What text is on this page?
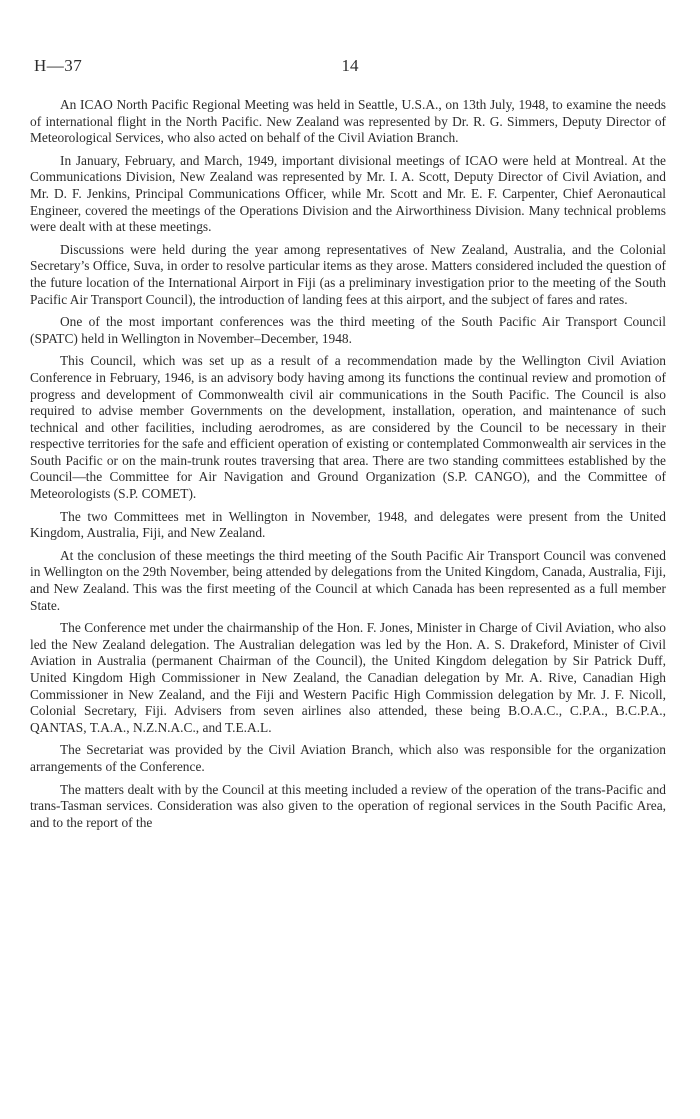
H—37	14

An ICAO North Pacific Regional Meeting was held in Seattle, U.S.A., on 13th July, 1948, to examine the needs of international flight in the North Pacific. New Zealand was represented by Dr. R. G. Simmers, Deputy Director of Meteorological Services, who also acted on behalf of the Civil Aviation Branch.

In January, February, and March, 1949, important divisional meetings of ICAO were held at Montreal. At the Communications Division, New Zealand was represented by Mr. I. A. Scott, Deputy Director of Civil Aviation, and Mr. D. F. Jenkins, Principal Communications Officer, while Mr. Scott and Mr. E. F. Carpenter, Chief Aeronautical Engineer, covered the meetings of the Operations Division and the Airworthiness Division. Many technical problems were dealt with at these meetings.

Discussions were held during the year among representatives of New Zealand, Australia, and the Colonial Secretary’s Office, Suva, in order to resolve particular items as they arose. Matters considered included the question of the future location of the International Airport in Fiji (as a preliminary investigation prior to the meeting of the South Pacific Air Transport Council), the introduction of landing fees at this airport, and the subject of fares and rates.

One of the most important conferences was the third meeting of the South Pacific Air Transport Council (SPATC) held in Wellington in November–December, 1948.

This Council, which was set up as a result of a recommendation made by the Wellington Civil Aviation Conference in February, 1946, is an advisory body having among its functions the continual review and promotion of progress and development of Commonwealth civil air communications in the South Pacific. The Council is also required to advise member Governments on the development, installation, operation, and maintenance of such technical and other facilities, including aerodromes, as are considered by the Council to be necessary in their respective territories for the safe and efficient operation of existing or contemplated Commonwealth air services in the South Pacific or on the main-trunk routes traversing that area. There are two standing committees established by the Council—the Committee for Air Navigation and Ground Organization (S.P. CANGO), and the Committee of Meteorologists (S.P. COMET).

The two Committees met in Wellington in November, 1948, and delegates were present from the United Kingdom, Australia, Fiji, and New Zealand.

At the conclusion of these meetings the third meeting of the South Pacific Air Transport Council was convened in Wellington on the 29th November, being attended by delegations from the United Kingdom, Canada, Australia, Fiji, and New Zealand. This was the first meeting of the Council at which Canada has been represented as a full member State.

The Conference met under the chairmanship of the Hon. F. Jones, Minister in Charge of Civil Aviation, who also led the New Zealand delegation. The Australian delegation was led by the Hon. A. S. Drakeford, Minister of Civil Aviation in Australia (permanent Chairman of the Council), the United Kingdom delegation by Sir Patrick Duff, United Kingdom High Commissioner in New Zealand, the Canadian delegation by Mr. A. Rive, Canadian High Commissioner in New Zealand, and the Fiji and Western Pacific High Commission delegation by Mr. J. F. Nicoll, Colonial Secretary, Fiji. Advisers from seven airlines also attended, these being B.O.A.C., C.P.A., B.C.P.A., QANTAS, T.A.A., N.Z.N.A.C., and T.E.A.L.

The Secretariat was provided by the Civil Aviation Branch, which also was responsible for the organization arrangements of the Conference.

The matters dealt with by the Council at this meeting included a review of the operation of the trans-Pacific and trans-Tasman services. Consideration was also given to the operation of regional services in the South Pacific Area, and to the report of the
